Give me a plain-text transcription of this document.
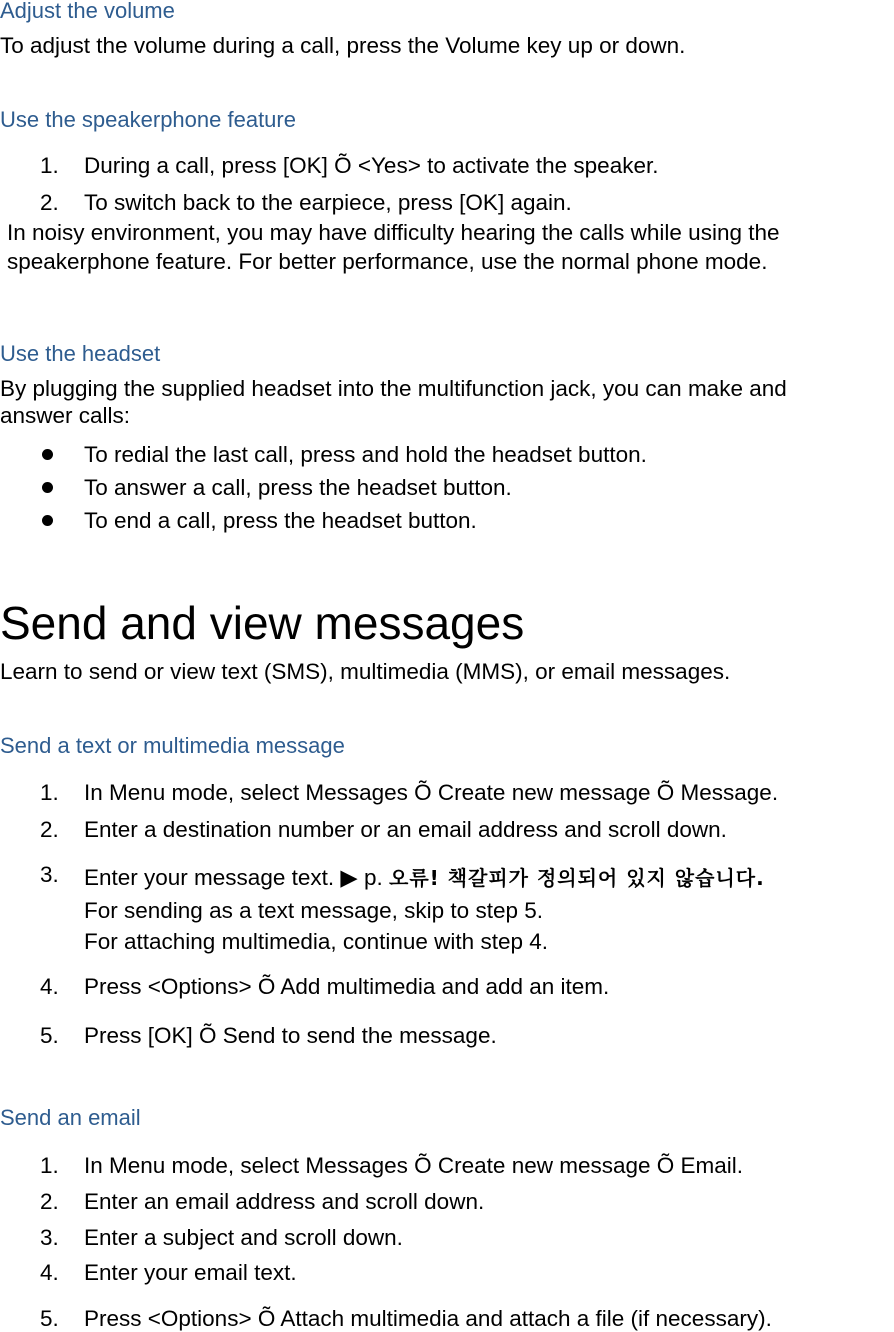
Adjust the volume
To adjust the volume during a call, press the Volume key up or down.
Use the speakerphone feature
1. During a call, press [OK] Õ <Yes> to activate the speaker.
2. To switch back to the earpiece, press [OK] again.
In noisy environment, you may have difficulty hearing the calls while using the
speakerphone feature. For better performance, use the normal phone mode.
Use the headset
By plugging the supplied headset into the multifunction jack, you can make and
answer calls:
To redial the last call, press and hold the headset button.
To answer a call, press the headset button.
To end a call, press the headset button.
Send and view messages
Learn to send or view text (SMS), multimedia (MMS), or email messages.
Send a text or multimedia message
1. In Menu mode, select Messages Õ Create new message Õ Message.
2. Enter a destination number or an email address and scroll down.
3. Enter your message text. ▶ p. 오류! 책갈피가 정의되어 있지 않습니다.
For sending as a text message, skip to step 5.
For attaching multimedia, continue with step 4.
4. Press <Options> Õ Add multimedia and add an item.
5. Press [OK] Õ Send to send the message.
Send an email
1. In Menu mode, select Messages Õ Create new message Õ Email.
2. Enter an email address and scroll down.
3. Enter a subject and scroll down.
4. Enter your email text.
5. Press <Options> Õ Attach multimedia and attach a file (if necessary).
